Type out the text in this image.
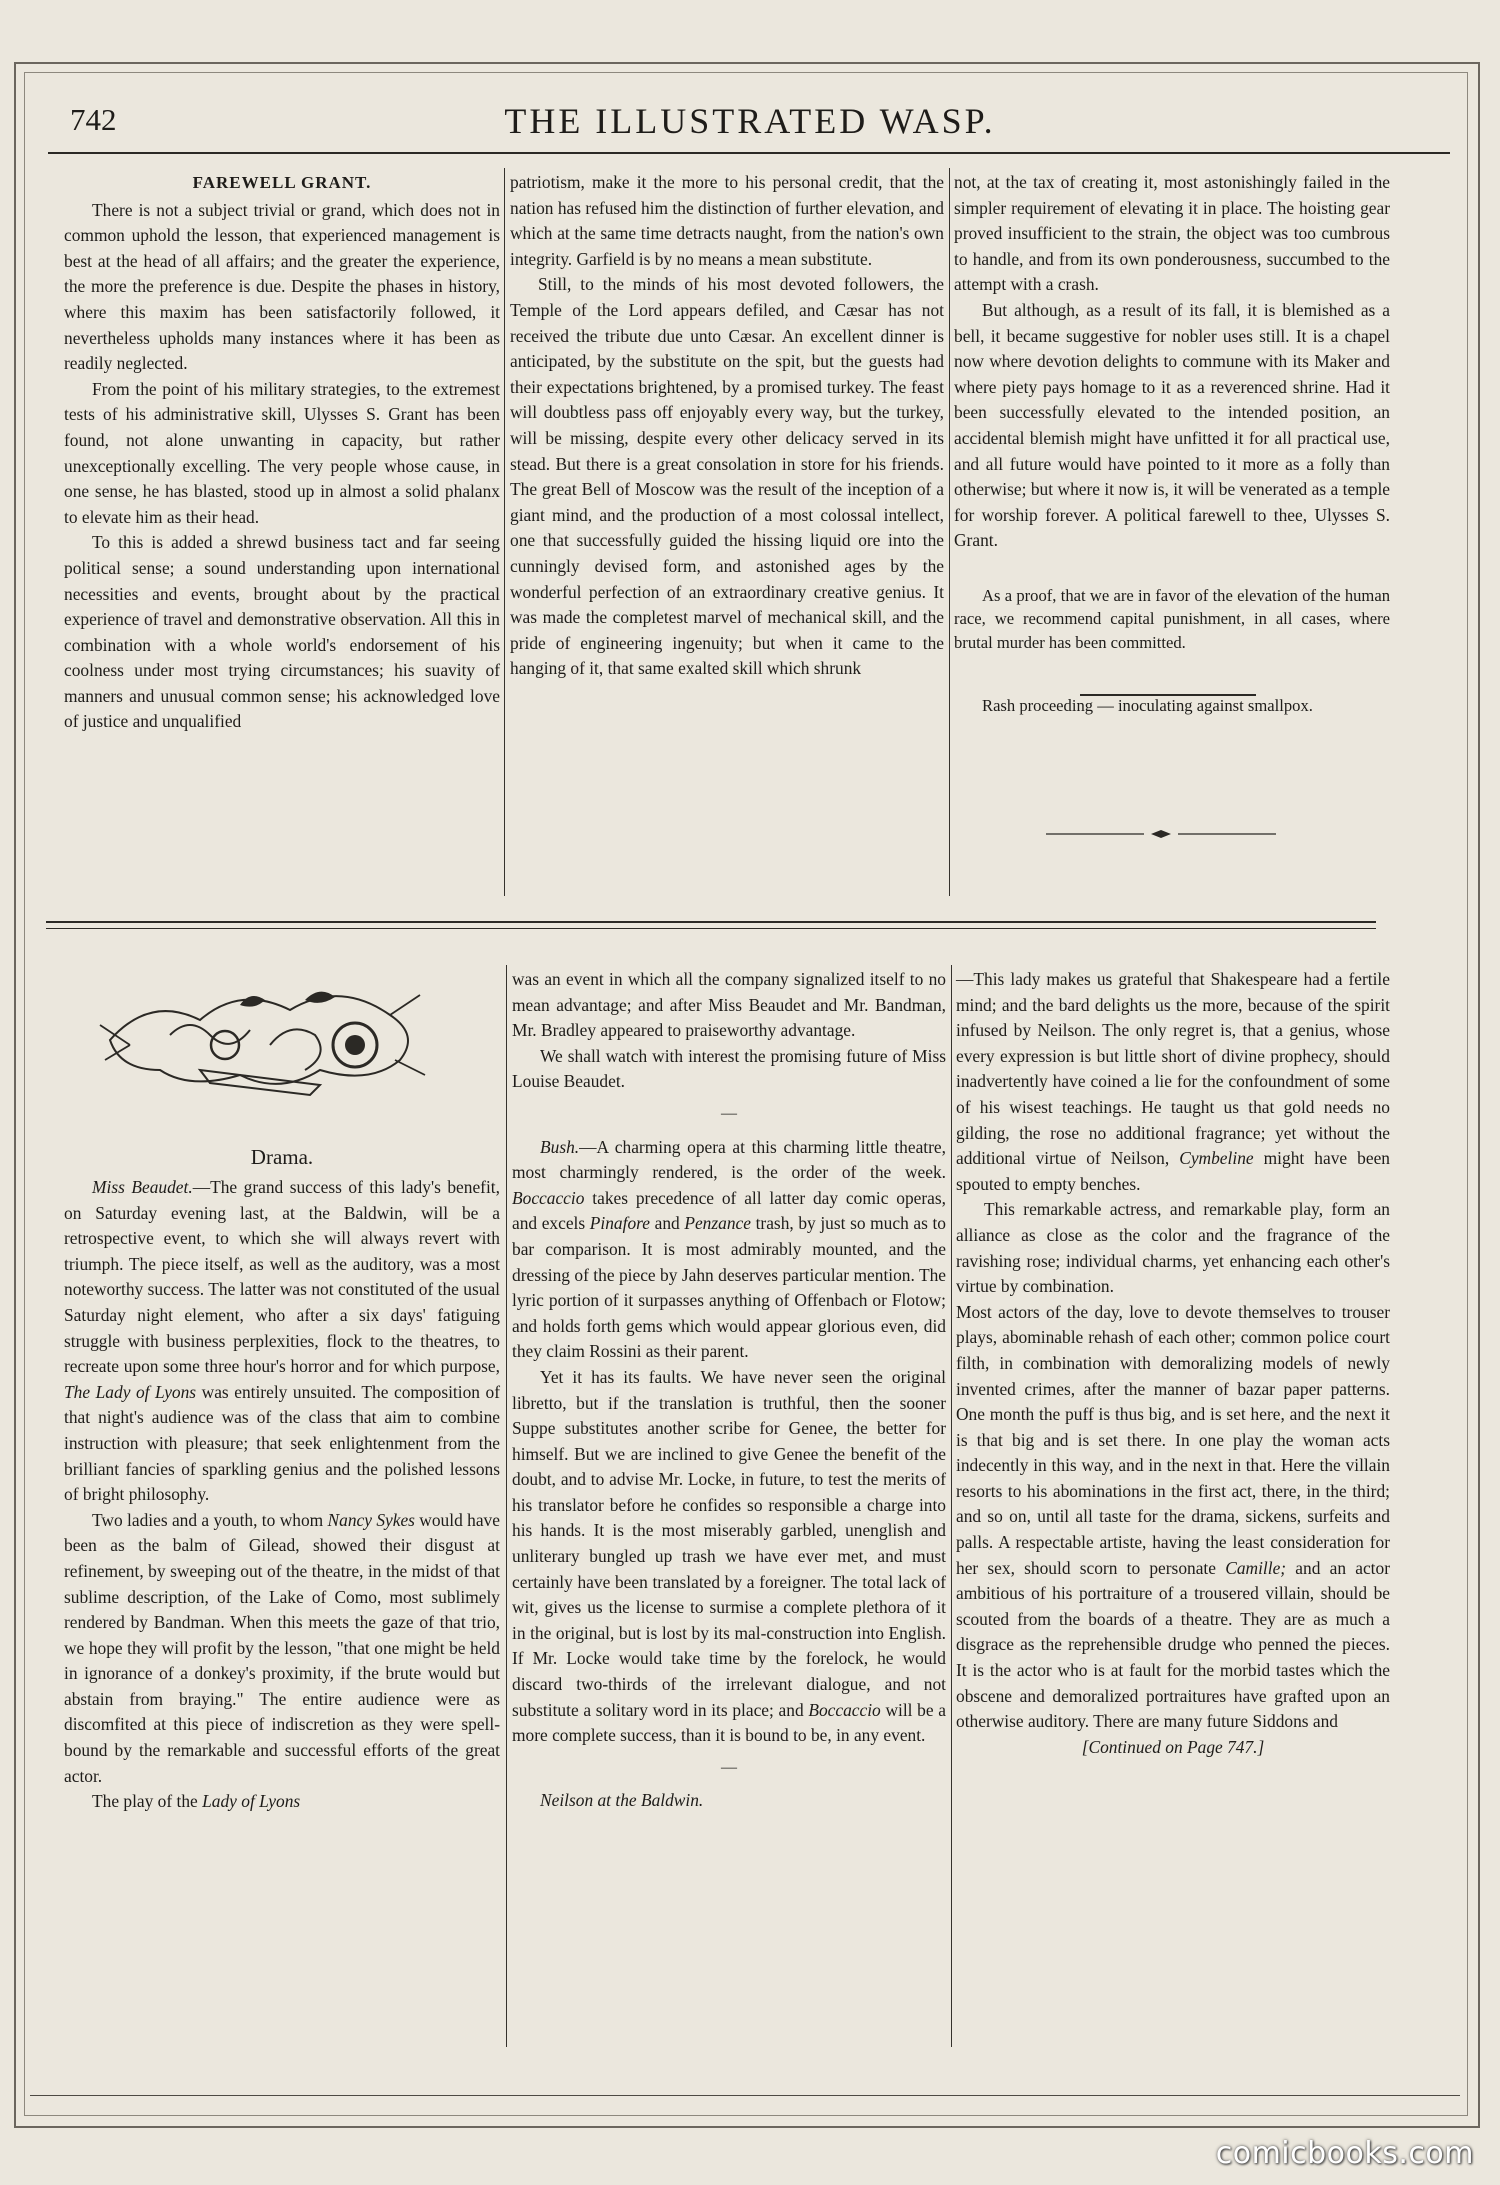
742	THE ILLUSTRATED WASP.

FAREWELL GRANT.

There is not a subject trivial or grand, which does not in common uphold the lesson, that experienced management is best at the head of all affairs; and the greater the experience, the more the preference is due. Despite the phases in history, where this maxim has been satisfactorily followed, it nevertheless upholds many instances where it has been as readily neglected.

From the point of his military strategies, to the extremest tests of his administrative skill, Ulysses S. Grant has been found, not alone unwanting in capacity, but rather unexceptionally excelling. The very people whose cause, in one sense, he has blasted, stood up in almost a solid phalanx to elevate him as their head.

To this is added a shrewd business tact and far seeing political sense; a sound understanding upon international necessities and events, brought about by the practical experience of travel and demonstrative observation. All this in combination with a whole world's endorsement of his coolness under most trying circumstances; his suavity of manners and unusual common sense; his acknowledged love of justice and unqualified

patriotism, make it the more to his personal credit, that the nation has refused him the distinction of further elevation, and which at the same time detracts naught, from the nation's own integrity. Garfield is by no means a mean substitute.

Still, to the minds of his most devoted followers, the Temple of the Lord appears defiled, and Cæsar has not received the tribute due unto Cæsar. An excellent dinner is anticipated, by the substitute on the spit, but the guests had their expectations brightened, by a promised turkey. The feast will doubtless pass off enjoyably every way, but the turkey, will be missing, despite every other delicacy served in its stead. But there is a great consolation in store for his friends. The great Bell of Moscow was the result of the inception of a giant mind, and the production of a most colossal intellect, one that successfully guided the hissing liquid ore into the cunningly devised form, and astonished ages by the wonderful perfection of an extraordinary creative genius. It was made the completest marvel of mechanical skill, and the pride of engineering ingenuity; but when it came to the hanging of it, that same exalted skill which shrunk

not, at the tax of creating it, most astonishingly failed in the simpler requirement of elevating it in place. The hoisting gear proved insufficient to the strain, the object was too cumbrous to handle, and from its own ponderousness, succumbed to the attempt with a crash.

But although, as a result of its fall, it is blemished as a bell, it became suggestive for nobler uses still. It is a chapel now where devotion delights to commune with its Maker and where piety pays homage to it as a reverenced shrine. Had it been successfully elevated to the intended position, an accidental blemish might have unfitted it for all practical use, and all future would have pointed to it more as a folly than otherwise; but where it now is, it will be venerated as a temple for worship forever. A political farewell to thee, Ulysses S. Grant.

As a proof, that we are in favor of the elevation of the human race, we recommend capital punishment, in all cases, where brutal murder has been committed.

Rash proceeding — inoculating against smallpox.

Drama.

Miss Beaudet.—The grand success of this lady's benefit, on Saturday evening last, at the Baldwin, will be a retrospective event, to which she will always revert with triumph. The piece itself, as well as the auditory, was a most noteworthy success. The latter was not constituted of the usual Saturday night element, who after a six days' fatiguing struggle with business perplexities, flock to the theatres, to recreate upon some three hour's horror and for which purpose, The Lady of Lyons was entirely unsuited. The composition of that night's audience was of the class that aim to combine instruction with pleasure; that seek enlightenment from the brilliant fancies of sparkling genius and the polished lessons of bright philosophy.

Two ladies and a youth, to whom Nancy Sykes would have been as the balm of Gilead, showed their disgust at refinement, by sweeping out of the theatre, in the midst of that sublime description, of the Lake of Como, most sublimely rendered by Bandman. When this meets the gaze of that trio, we hope they will profit by the lesson, "that one might be held in ignorance of a donkey's proximity, if the brute would but abstain from braying." The entire audience were as discomfited at this piece of indiscretion as they were spell-bound by the remarkable and successful efforts of the great actor.

The play of the Lady of Lyons

was an event in which all the company signalized itself to no mean advantage; and after Miss Beaudet and Mr. Bandman, Mr. Bradley appeared to praiseworthy advantage.

We shall watch with interest the promising future of Miss Louise Beaudet.

—

Bush.—A charming opera at this charming little theatre, most charmingly rendered, is the order of the week. Boccaccio takes precedence of all latter day comic operas, and excels Pinafore and Penzance trash, by just so much as to bar comparison. It is most admirably mounted, and the dressing of the piece by Jahn deserves particular mention. The lyric portion of it surpasses anything of Offenbach or Flotow; and holds forth gems which would appear glorious even, did they claim Rossini as their parent.

Yet it has its faults. We have never seen the original libretto, but if the translation is truthful, then the sooner Suppe substitutes another scribe for Genee, the better for himself. But we are inclined to give Genee the benefit of the doubt, and to advise Mr. Locke, in future, to test the merits of his translator before he confides so responsible a charge into his hands. It is the most miserably garbled, unenglish and unliterary bungled up trash we have ever met, and must certainly have been translated by a foreigner. The total lack of wit, gives us the license to surmise a complete plethora of it in the original, but is lost by its mal-construction into English. If Mr. Locke would take time by the forelock, he would discard two-thirds of the irrelevant dialogue, and not substitute a solitary word in its place; and Boccaccio will be a more complete success, than it is bound to be, in any event.

—

Neilson at the Baldwin.

—This lady makes us grateful that Shakespeare had a fertile mind; and the bard delights us the more, because of the spirit infused by Neilson. The only regret is, that a genius, whose every expression is but little short of divine prophecy, should inadvertently have coined a lie for the confoundment of some of his wisest teachings. He taught us that gold needs no gilding, the rose no additional fragrance; yet without the additional virtue of Neilson, Cymbeline might have been spouted to empty benches.

This remarkable actress, and remarkable play, form an alliance as close as the color and the fragrance of the ravishing rose; individual charms, yet enhancing each other's virtue by combination.

Most actors of the day, love to devote themselves to trouser plays, abominable rehash of each other; common police court filth, in combination with demoralizing models of newly invented crimes, after the manner of bazar paper patterns. One month the puff is thus big, and is set here, and the next it is that big and is set there. In one play the woman acts indecently in this way, and in the next in that. Here the villain resorts to his abominations in the first act, there, in the third; and so on, until all taste for the drama, sickens, surfeits and palls. A respectable artiste, having the least consideration for her sex, should scorn to personate Camille; and an actor ambitious of his portraiture of a trousered villain, should be scouted from the boards of a theatre. They are as much a disgrace as the reprehensible drudge who penned the pieces. It is the actor who is at fault for the morbid tastes which the obscene and demoralized portraitures have grafted upon an otherwise auditory. There are many future Siddons and

[Continued on Page 747.]

comicbooks.com
